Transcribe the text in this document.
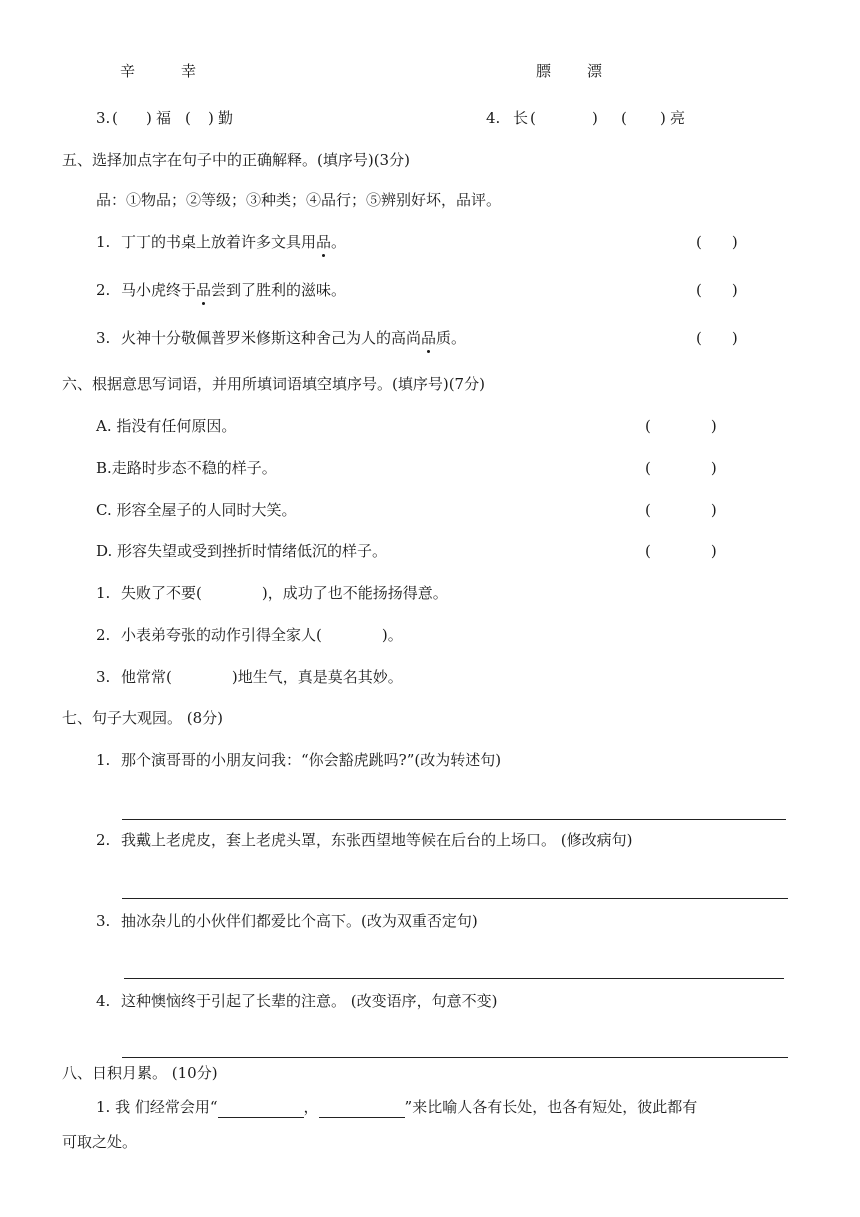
辛	幸	膘 漂
3. ( ) 福 ( ) 勤	4. 长 (	) ( ) 亮
五、选择加点字在句子中的正确解释。(填序号)(3分)
品：①物品；②等级；③种类；④品行；⑤辨别好坏，品评。
1. 丁丁的书桌上放着许多文具用品。	(　　)
2. 马小虎终于品尝到了胜利的滋味。	(　　)
3. 火神十分敬佩普罗米修斯这种舍己为人的高尚品质。	(　　)
六、根据意思写词语，并用所填词语填空填序号。(填序号)(7分)
A. 指没有任何原因。	(　　　　)
B.走路时步态不稳的样子。	(　　　　)
C. 形容全屋子的人同时大笑。	(　　　　)
D. 形容失望或受到挫折时情绪低沉的样子。	(　　　　)
1. 失败了不要(　　　　)，成功了也不能扬扬得意。
2. 小表弟夸张的动作引得全家人(　　　　)。
3. 他常常(　　　　)地生气，真是莫名其妙。
七、句子大观园。 (8分)
1. 那个演哥哥的小朋友问我：“你会豁虎跳吗?”(改为转述句)
2. 我戴上老虎皮，套上老虎头罩，东张西望地等候在后台的上场口。 (修改病句)
3. 抽冰杂儿的小伙伴们都爱比个高下。(改为双重否定句)
4. 这种懊恼终于引起了长辈的注意。 (改变语序，句意不变)
八、日积月累。 (10分)
1. 我 们经常会用“	，	”来比喻人各有长处，也各有短处，彼此都有
可取之处。
